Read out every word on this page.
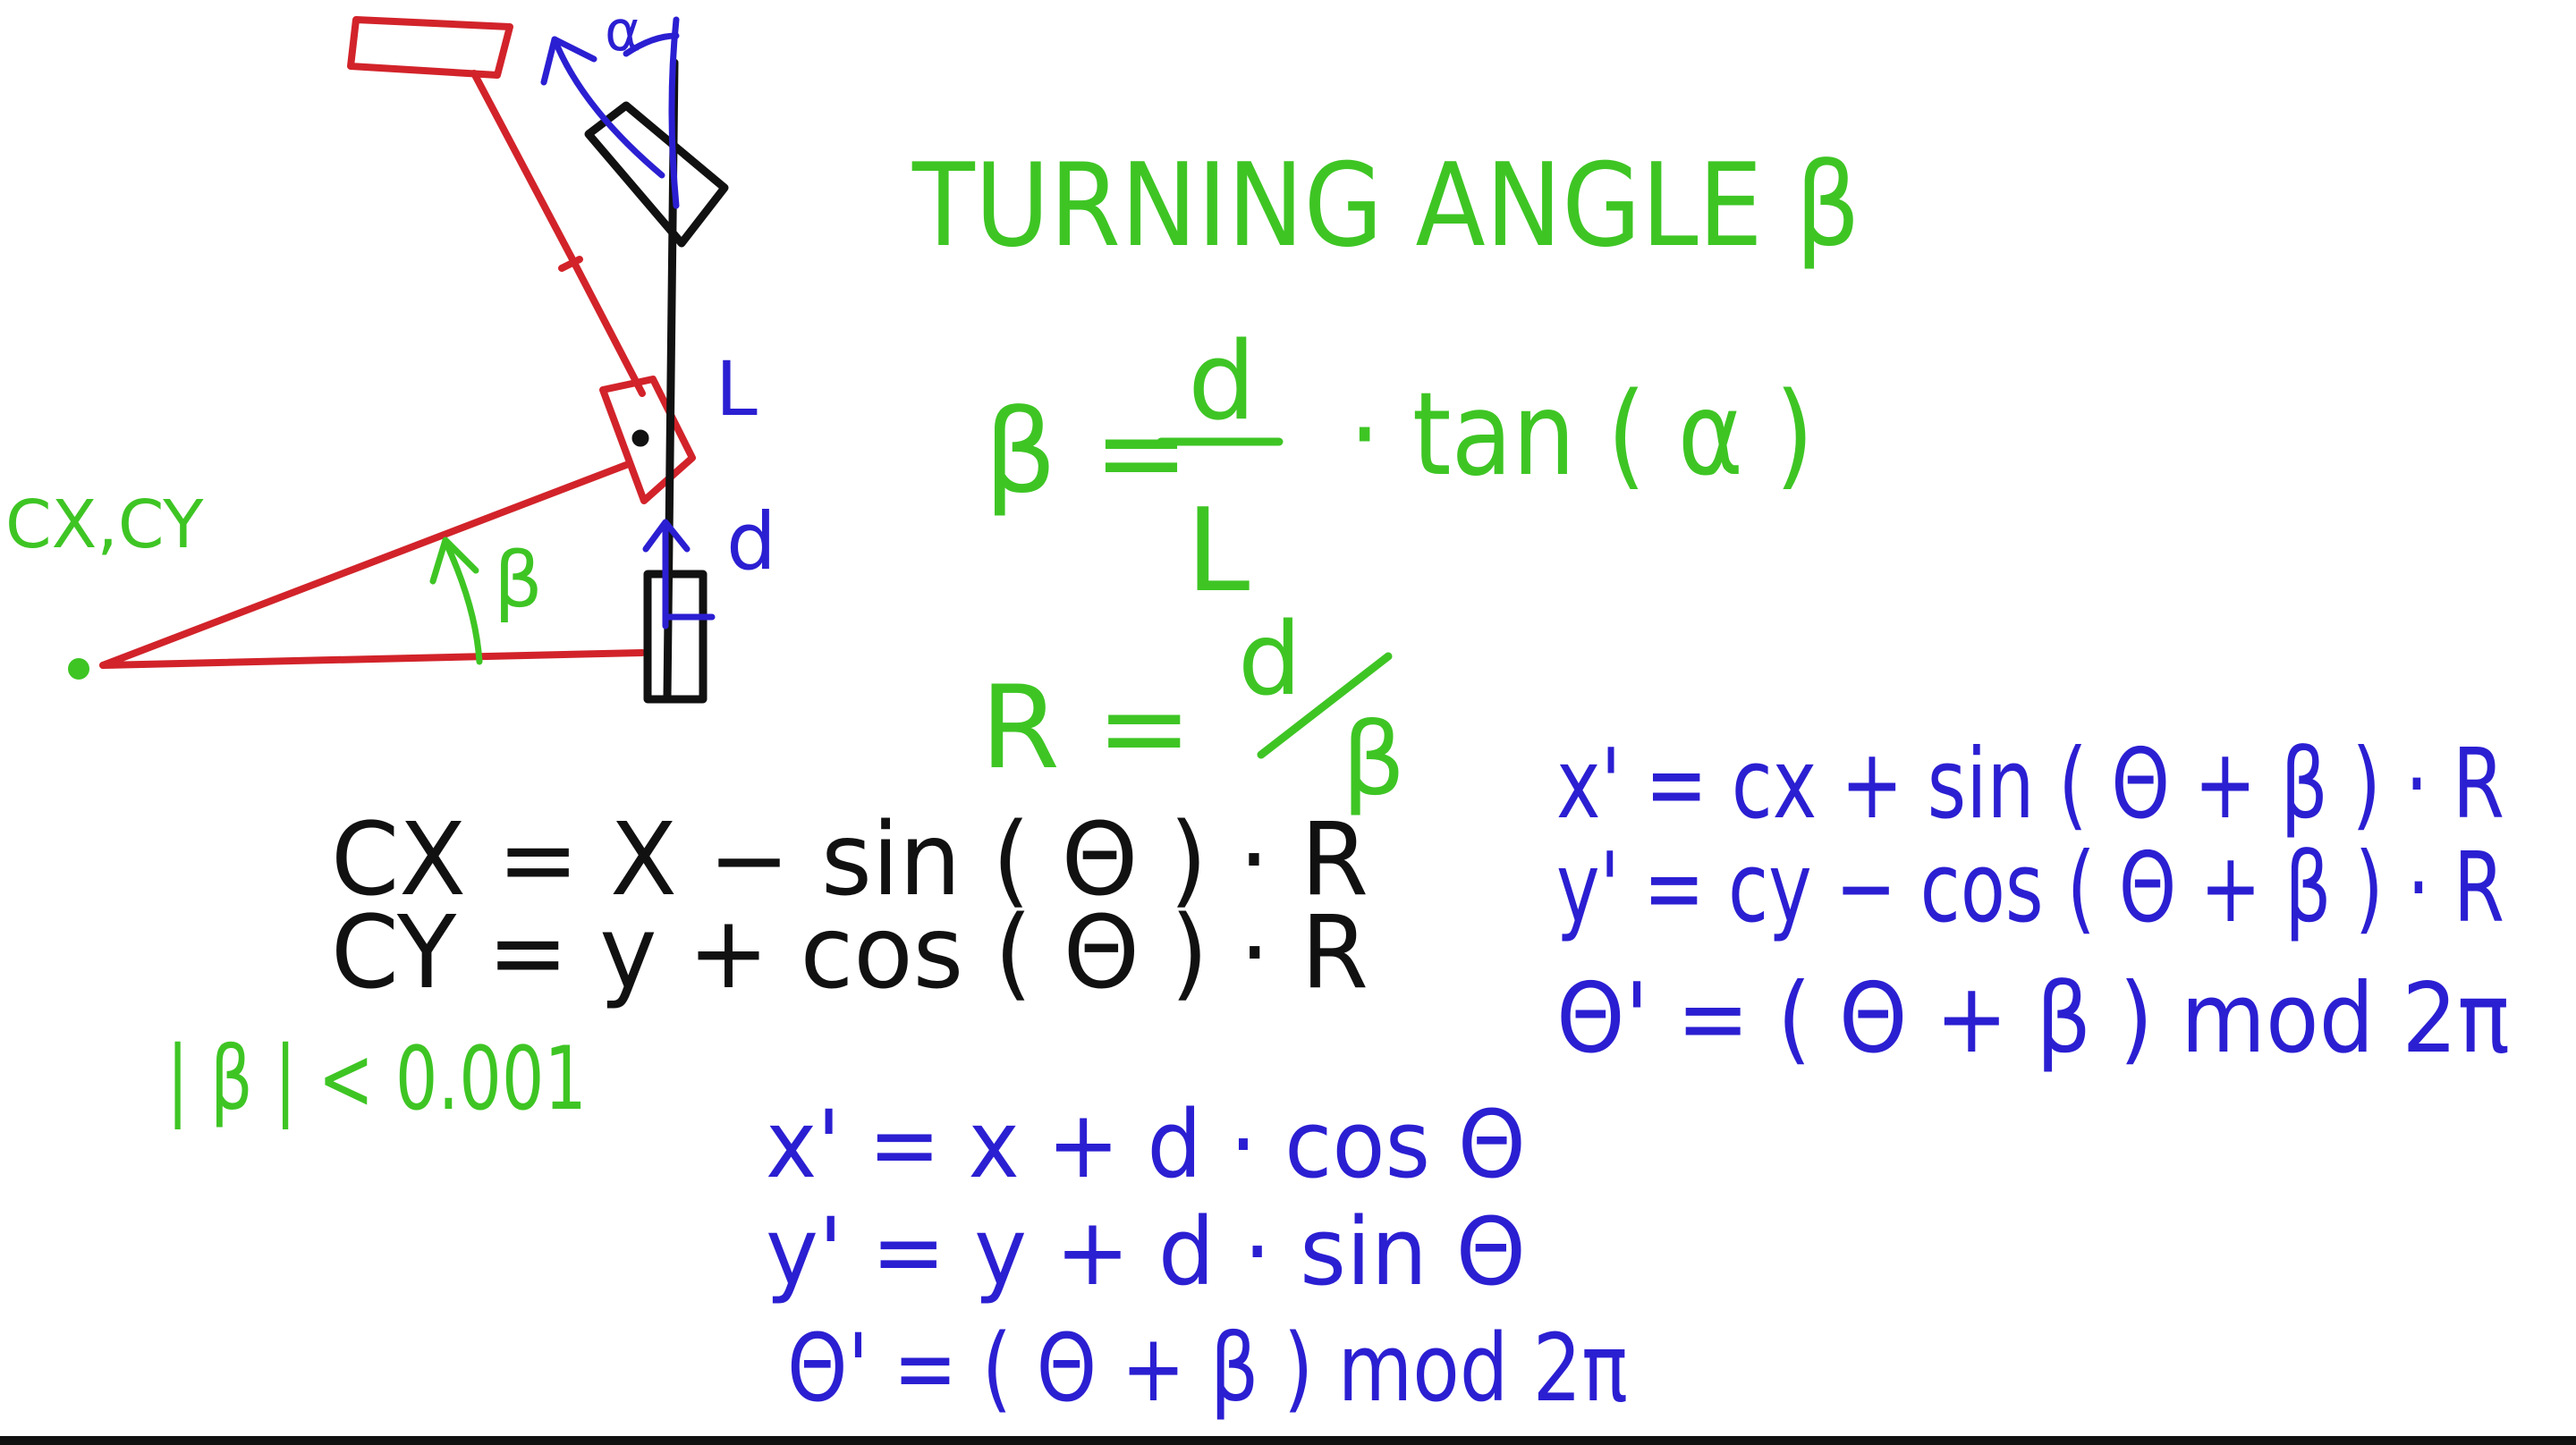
CX,CY
β
α
L
d
TURNING ANGLE β
β =
d
L
· tan ( α )
R =
d
β
CX = X − sin ( Θ ) · R
CY = y + cos ( Θ ) · R
| β | < 0.001
x' = x + d · cos Θ
y' = y + d · sin Θ
Θ' = ( Θ + β ) mod 2π
x' = cx + sin ( Θ + β ) · R
y' = cy − cos ( Θ + β ) · R
Θ' = ( Θ + β ) mod 2π
